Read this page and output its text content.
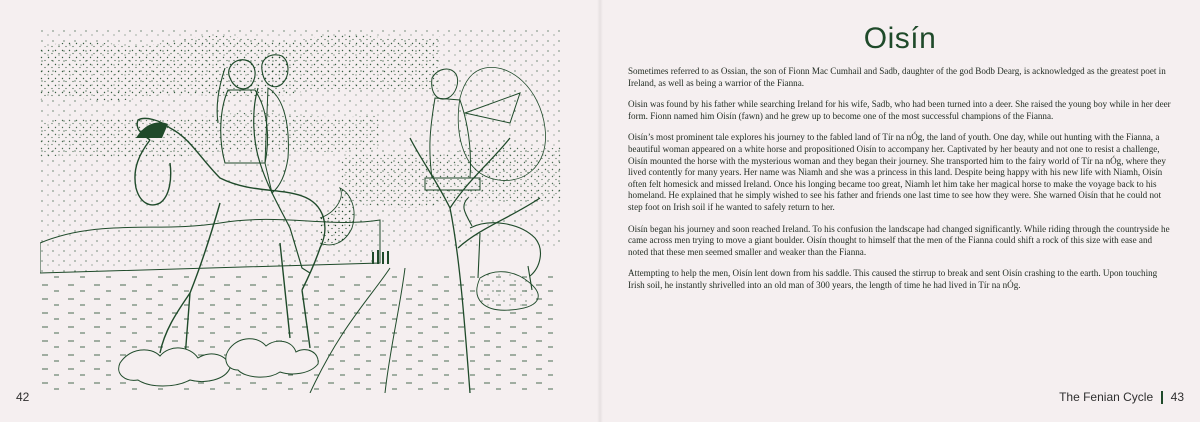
42
Oisín

Sometimes referred to as Ossian, the son of Fionn Mac Cumhail and Sadb, daughter of the god Bodb Dearg, is acknowledged as the greatest poet in Ireland, as well as being a warrior of the Fianna.

Oisin was found by his father while searching Ireland for his wife, Sadb, who had been turned into a deer. She raised the young boy while in her deer form. Fionn named him Oisín (fawn) and he grew up to become one of the most successful champions of the Fianna.

Oisín’s most prominent tale explores his journey to the fabled land of Tír na nÓg, the land of youth. One day, while out hunting with the Fianna, a beautiful woman appeared on a white horse and propositioned Oisín to accompany her. Captivated by her beauty and not one to resist a challenge, Oisín mounted the horse with the mysterious woman and they began their journey. She transported him to the fairy world of Tír na nÓg, where they lived contently for many years. Her name was Niamh and she was a princess in this land. Despite being happy with his new life with Niamh, Oisín often felt homesick and missed Ireland. Once his longing became too great, Niamh let him take her magical horse to make the voyage back to his homeland. He explained that he simply wished to see his father and friends one last time to see how they were. She warned Oisín that he could not step foot on Irish soil if he wanted to safely return to her.

Oisín began his journey and soon reached Ireland. To his confusion the landscape had changed significantly. While riding through the countryside he came across men trying to move a giant boulder. Oisín thought to himself that the men of the Fianna could shift a rock of this size with ease and noted that these men seemed smaller and weaker than the Fianna.

Attempting to help the men, Oisín lent down from his saddle. This caused the stirrup to break and sent Oisín crashing to the earth. Upon touching Irish soil, he instantly shrivelled into an old man of 300 years, the length of time he had lived in Tír na nÓg.

The Fenian Cycle 43
